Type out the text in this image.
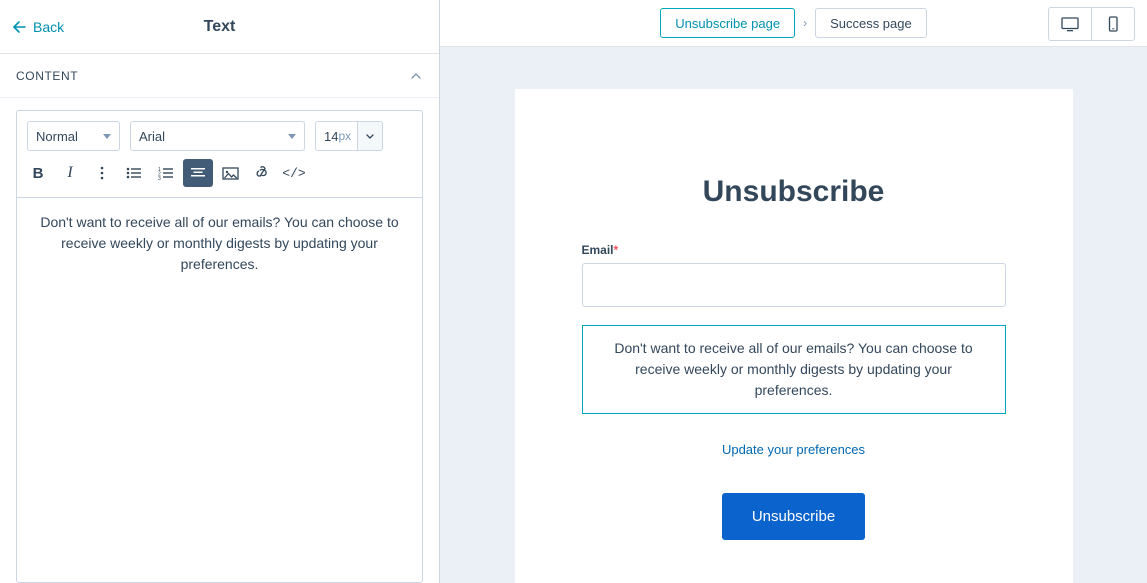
Back	Text
CONTENT
Normal	Arial	14 px
B I	1
2
3	</>
Don't want to receive all of our emails? You can choose to receive weekly or monthly digests by updating your preferences.
Unsubscribe page	›	Success page
Unsubscribe
Email*
Don't want to receive all of our emails? You can choose to receive weekly or monthly digests by updating your preferences.
Update your preferences
Unsubscribe
